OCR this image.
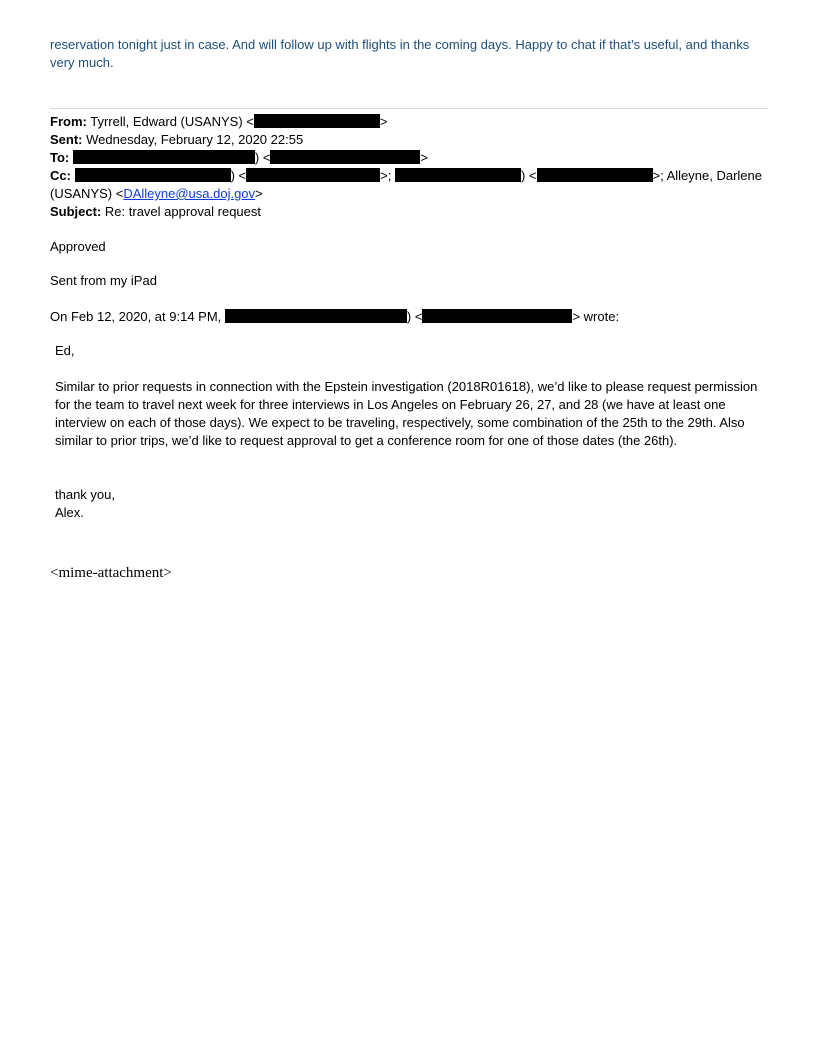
reservation tonight just in case. And will follow up with flights in the coming days. Happy to chat if that’s useful, and thanks very much.
From: Tyrrell, Edward (USANYS) <	>
Sent: Wednesday, February 12, 2020 22:55
To:	) <	>
Cc:	) <	>;	) <	>; Alleyne, Darlene
(USANYS) <DAlleyne@usa.doj.gov>
Subject: Re: travel approval request
Approved
Sent from my iPad
On Feb 12, 2020, at 9:14 PM,	) <	> wrote:
Ed,
Similar to prior requests in connection with the Epstein investigation (2018R01618), we’d like to please request permission for the team to travel next week for three interviews in Los Angeles on February 26, 27, and 28 (we have at least one interview on each of those days). We expect to be traveling, respectively, some combination of the 25th to the 29th. Also similar to prior trips, we’d like to request approval to get a conference room for one of those dates (the 26th).
thank you,
Alex.
<mime-attachment>
